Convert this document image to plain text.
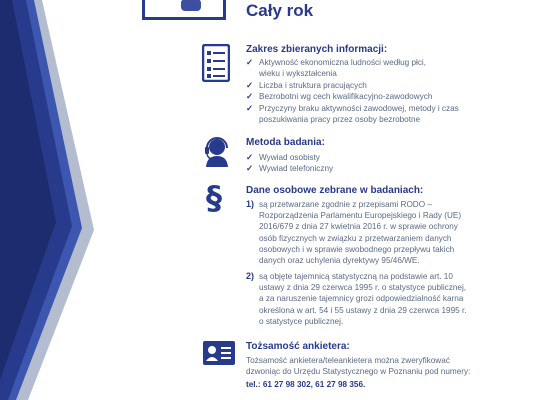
Cały rok
Zakres zbieranych informacji:
✓ Aktywność ekonomiczna ludności według płci,
wieku i wykształcenia
✓ Liczba i struktura pracujących
✓ Bezrobotni wg cech kwalifikacyjno-zawodowych
✓ Przyczyny braku aktywności zawodowej, metody i czas
poszukiwania pracy przez osoby bezrobotne
Metoda badania:
✓ Wywiad osobisty
✓ Wywiad telefoniczny
§ Dane osobowe zebrane w badaniach:
1) są przetwarzane zgodnie z przepisami RODO –
Rozporządzenia Parlamentu Europejskiego i Rady (UE)
2016/679 z dnia 27 kwietnia 2016 r. w sprawie ochrony
osób fizycznych w związku z przetwarzaniem danych
osobowych i w sprawie swobodnego przepływu takich
danych oraz uchylenia dyrektywy 95/46/WE.
2) są objęte tajemnicą statystyczną na podstawie art. 10
ustawy z dnia 29 czerwca 1995 r. o statystyce publicznej,
a za naruszenie tajemnicy grozi odpowiedzialność karna
określona w art. 54 i 55 ustawy z dnia 29 czerwca 1995 r.
o statystyce publicznej.
Tożsamość ankietera:
Tożsamość ankietera/teleankietera można zweryfikować
dzwoniąc do Urzędu Statystycznego w Poznaniu pod numery:
tel.: 61 27 98 302, 61 27 98 356.
